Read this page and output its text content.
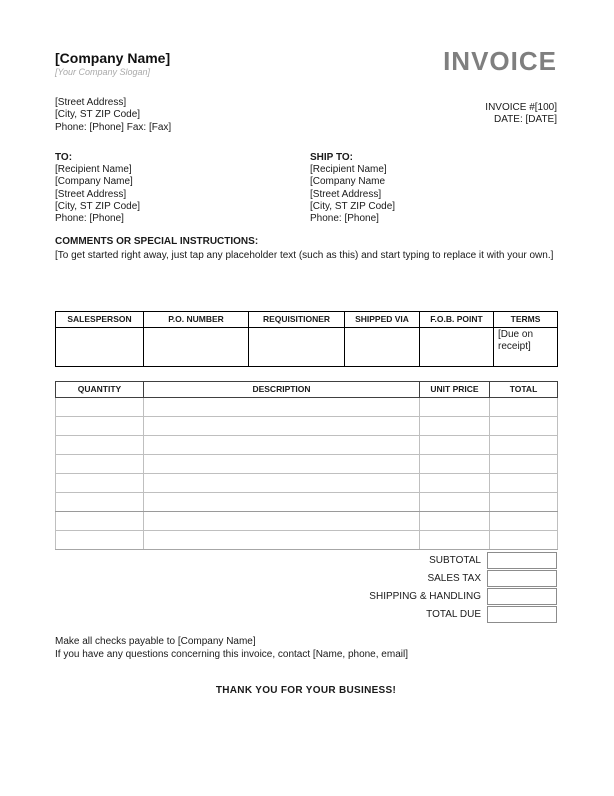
[Company Name]
[Your Company Slogan]	INVOICE
[Street Address]
[City, ST ZIP Code]
Phone: [Phone] Fax: [Fax]
INVOICE #[100]
DATE: [DATE]
TO:
[Recipient Name]
[Company Name]
[Street Address]
[City, ST ZIP Code]
Phone: [Phone]
SHIP TO:
[Recipient Name]
[Company Name
[Street Address]
[City, ST ZIP Code]
Phone: [Phone]
COMMENTS OR SPECIAL INSTRUCTIONS:
[To get started right away, just tap any placeholder text (such as this) and start typing to replace it with your own.]
SALESPERSON	P.O. NUMBER	REQUISITIONER	SHIPPED VIA	F.O.B. POINT	TERMS
					[Due on receipt]
QUANTITY	DESCRIPTION	UNIT PRICE	TOTAL

SUBTOTAL
SALES TAX
SHIPPING & HANDLING
TOTAL DUE
Make all checks payable to [Company Name]
If you have any questions concerning this invoice, contact [Name, phone, email]
THANK YOU FOR YOUR BUSINESS!
